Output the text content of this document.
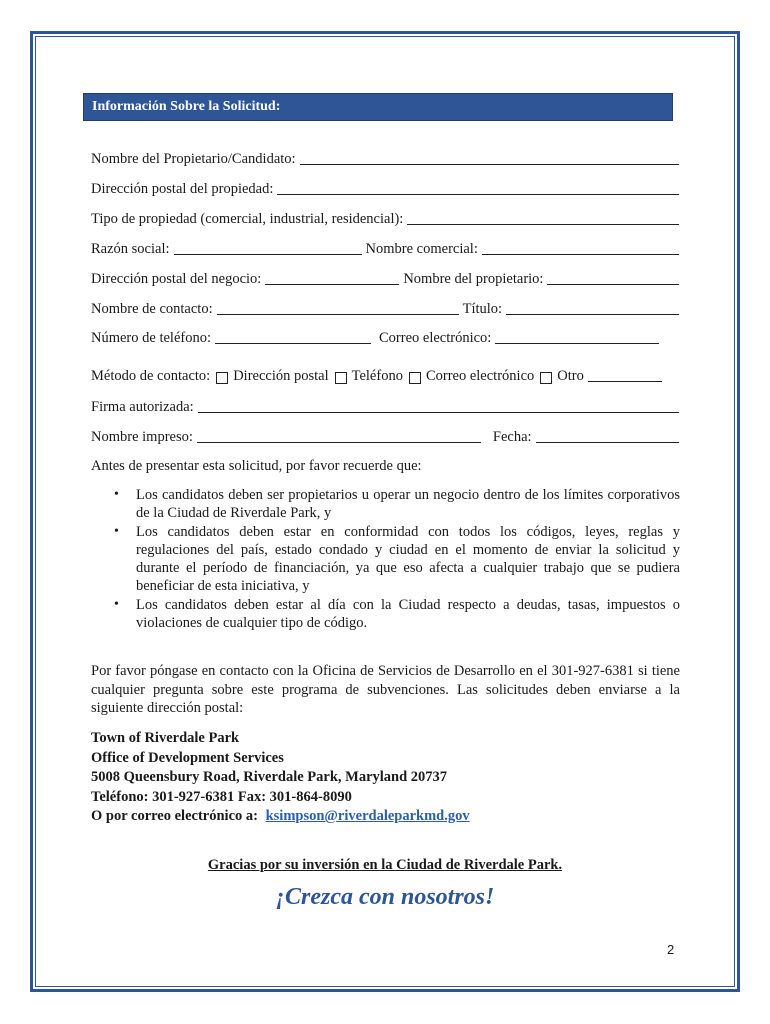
Información Sobre la Solicitud:
Nombre del Propietario/Candidato:
Dirección postal del propiedad:
Tipo de propiedad (comercial, industrial, residencial):
Razón social:	Nombre comercial:
Dirección postal del negocio:	Nombre del propietario:
Nombre de contacto:	Título:
Número de teléfono:	Correo electrónico:
Método de contacto: Dirección postal Teléfono Correo electrónico Otro
Firma autorizada:
Nombre impreso:	Fecha:
Antes de presentar esta solicitud, por favor recuerde que:
• Los candidatos deben ser propietarios u operar un negocio dentro de los límites corporativos de la Ciudad de Riverdale Park, y
• Los candidatos deben estar en conformidad con todos los códigos, leyes, reglas y regulaciones del país, estado condado y ciudad en el momento de enviar la solicitud y durante el período de financiación, ya que eso afecta a cualquier trabajo que se pudiera beneficiar de esta iniciativa, y
• Los candidatos deben estar al día con la Ciudad respecto a deudas, tasas, impuestos o violaciones de cualquier tipo de código.
Por favor póngase en contacto con la Oficina de Servicios de Desarrollo en el 301-927-6381 si tiene cualquier pregunta sobre este programa de subvenciones. Las solicitudes deben enviarse a la siguiente dirección postal:
Town of Riverdale Park
Office of Development Services
5008 Queensbury Road, Riverdale Park, Maryland 20737
Teléfono: 301-927-6381 Fax: 301-864-8090
O por correo electrónico a: ksimpson@riverdaleparkmd.gov
Gracias por su inversión en la Ciudad de Riverdale Park.
¡Crezca con nosotros!
2
